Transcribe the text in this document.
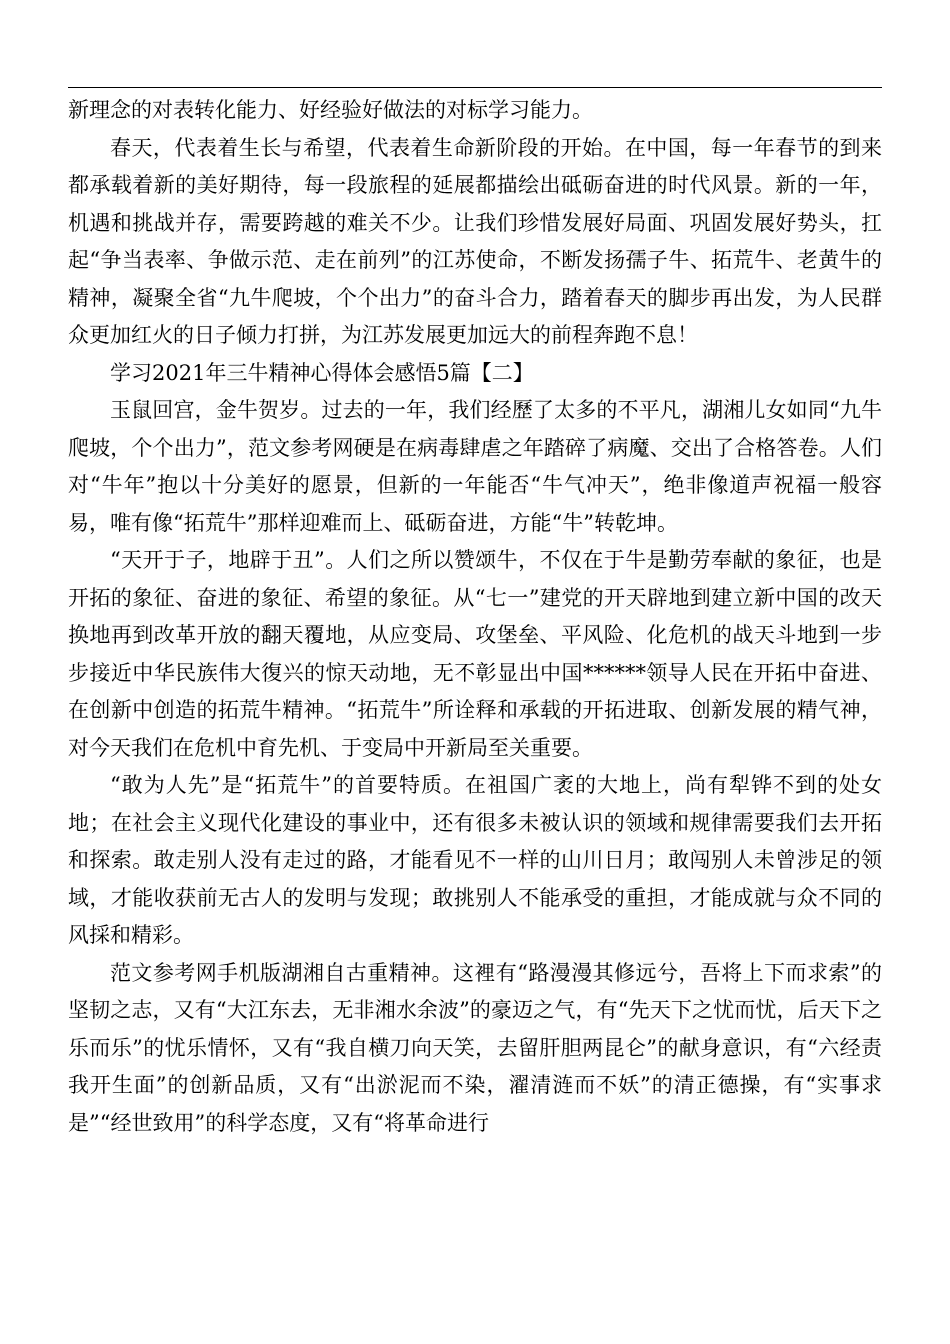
新理念的对表转化能力、好经验好做法的对标学习能力。

春天，代表着生长与希望，代表着生命新阶段的开始。在中国，每一年春节的到来都承载着新的美好期待，每一段旅程的延展都描绘出砥砺奋进的时代风景。新的一年，机遇和挑战并存，需要跨越的难关不少。让我们珍惜发展好局面、巩固发展好势头，扛起“争当表率、争做示范、走在前列”的江苏使命，不断发扬孺子牛、拓荒牛、老黄牛的精神，凝聚全省“九牛爬坡，个个出力”的奋斗合力，踏着春天的脚步再出发，为人民群众更加红火的日子倾力打拼，为江苏发展更加远大的前程奔跑不息！

学习2021年三牛精神心得体会感悟5篇【二】

玉鼠回宫，金牛贺岁。过去的一年，我们经歷了太多的不平凡，湖湘儿女如同“九牛爬坡，个个出力”，范文参考网硬是在病毒肆虐之年踏碎了病魔、交出了合格答卷。人们对“牛年”抱以十分美好的愿景，但新的一年能否“牛气冲天”，绝非像道声祝福一般容易，唯有像“拓荒牛”那样迎难而上、砥砺奋进，方能“牛”转乾坤。

“天开于子，地辟于丑”。人们之所以赞颂牛，不仅在于牛是勤劳奉献的象征，也是开拓的象征、奋进的象征、希望的象征。从“七一”建党的开天辟地到建立新中国的改天换地再到改革开放的翻天覆地，从应变局、攻堡垒、平风险、化危机的战天斗地到一步步接近中华民族伟大復兴的惊天动地，无不彰显出中国******领导人民在开拓中奋进、在创新中创造的拓荒牛精神。“拓荒牛”所诠释和承载的开拓进取、创新发展的精气神，对今天我们在危机中育先机、于变局中开新局至关重要。

“敢为人先”是“拓荒牛”的首要特质。在祖国广袤的大地上，尚有犁铧不到的处女地；在社会主义现代化建设的事业中，还有很多未被认识的领域和规律需要我们去开拓和探索。敢走别人没有走过的路，才能看见不一样的山川日月；敢闯别人未曾涉足的领域，才能收获前无古人的发明与发现；敢挑别人不能承受的重担，才能成就与众不同的风採和精彩。

范文参考网手机版湖湘自古重精神。这裡有“路漫漫其修远兮，吾将上下而求索”的坚韧之志，又有“大江东去，无非湘水余波”的豪迈之气，有“先天下之忧而忧，后天下之乐而乐”的忧乐情怀，又有“我自横刀向天笑，去留肝胆两昆仑”的献身意识，有“六经责我开生面”的创新品质，又有“出淤泥而不染，濯清涟而不妖”的清正德操，有“实事求是”“经世致用”的科学态度，又有“将革命进行
